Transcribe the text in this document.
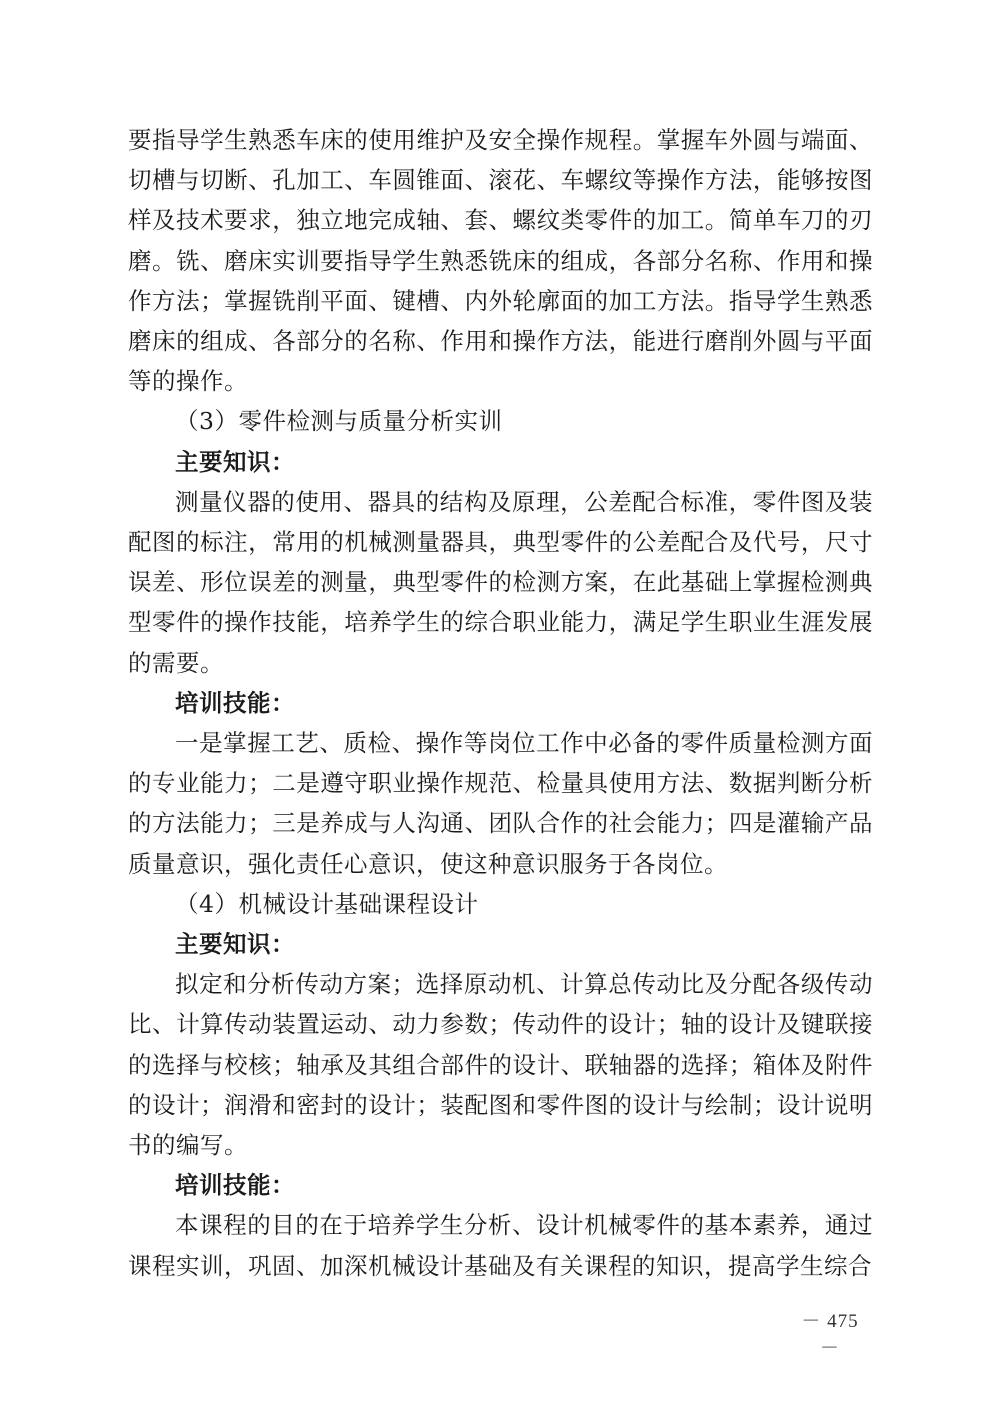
要指导学生熟悉车床的使用维护及安全操作规程。掌握车外圆与端面、切槽与切断、孔加工、车圆锥面、滚花、车螺纹等操作方法，能够按图样及技术要求，独立地完成轴、套、螺纹类零件的加工。简单车刀的刃磨。铣、磨床实训要指导学生熟悉铣床的组成，各部分名称、作用和操作方法；掌握铣削平面、键槽、内外轮廓面的加工方法。指导学生熟悉磨床的组成、各部分的名称、作用和操作方法，能进行磨削外圆与平面等的操作。

（3）零件检测与质量分析实训

主要知识：

测量仪器的使用、器具的结构及原理，公差配合标准，零件图及装配图的标注，常用的机械测量器具，典型零件的公差配合及代号，尺寸误差、形位误差的测量，典型零件的检测方案，在此基础上掌握检测典型零件的操作技能，培养学生的综合职业能力，满足学生职业生涯发展的需要。

培训技能：

一是掌握工艺、质检、操作等岗位工作中必备的零件质量检测方面的专业能力；二是遵守职业操作规范、检量具使用方法、数据判断分析的方法能力；三是养成与人沟通、团队合作的社会能力；四是灌输产品质量意识，强化责任心意识，使这种意识服务于各岗位。

（4）机械设计基础课程设计

主要知识：

拟定和分析传动方案；选择原动机、计算总传动比及分配各级传动比、计算传动装置运动、动力参数；传动件的设计；轴的设计及键联接的选择与校核；轴承及其组合部件的设计、联轴器的选择；箱体及附件的设计；润滑和密封的设计；装配图和零件图的设计与绘制；设计说明书的编写。

培训技能：

本课程的目的在于培养学生分析、设计机械零件的基本素养，通过课程实训，巩固、加深机械设计基础及有关课程的知识，提高学生综合

－ 475 －
